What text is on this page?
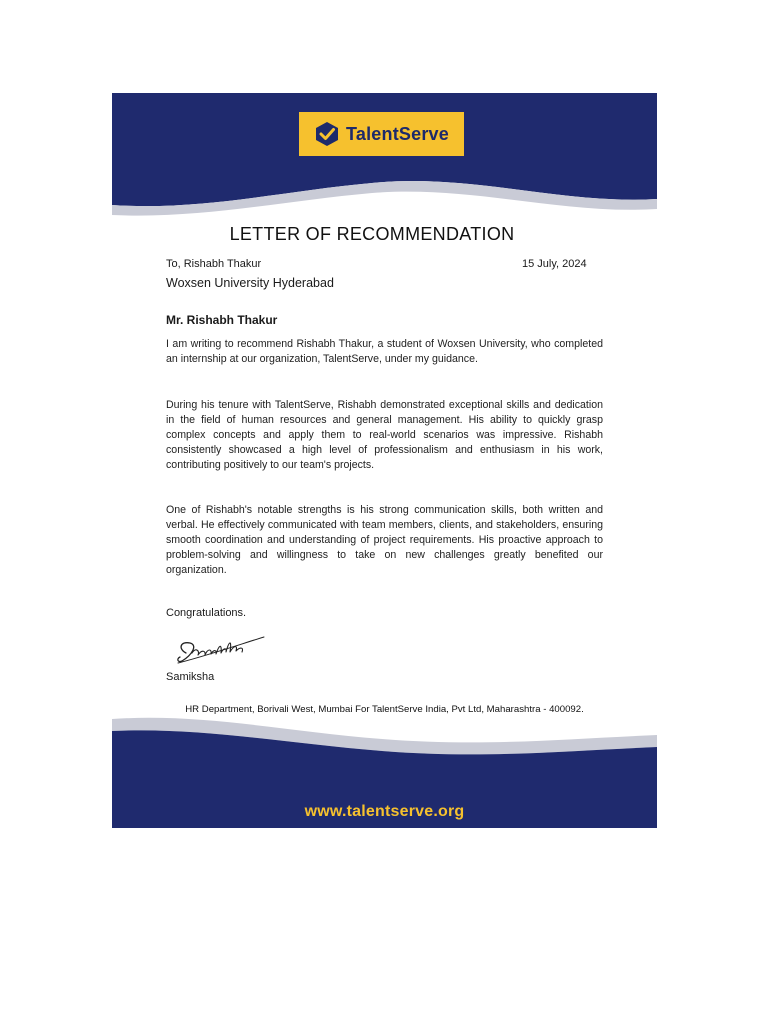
TalentServe
LETTER OF RECOMMENDATION
To, Rishabh Thakur	15 July, 2024
Woxsen University Hyderabad
Mr. Rishabh Thakur
I am writing to recommend Rishabh Thakur, a student of Woxsen University, who completed an internship at our organization, TalentServe, under my guidance.
During his tenure with TalentServe, Rishabh demonstrated exceptional skills and dedication in the field of human resources and general management. His ability to quickly grasp complex concepts and apply them to real-world scenarios was impressive. Rishabh consistently showcased a high level of professionalism and enthusiasm in his work, contributing positively to our team's projects.
One of Rishabh's notable strengths is his strong communication skills, both written and verbal. He effectively communicated with team members, clients, and stakeholders, ensuring smooth coordination and understanding of project requirements. His proactive approach to problem-solving and willingness to take on new challenges greatly benefited our organization.
Congratulations.
Samiksha
HR Department, Borivali West, Mumbai For TalentServe India, Pvt Ltd, Maharashtra - 400092.
www.talentserve.org
